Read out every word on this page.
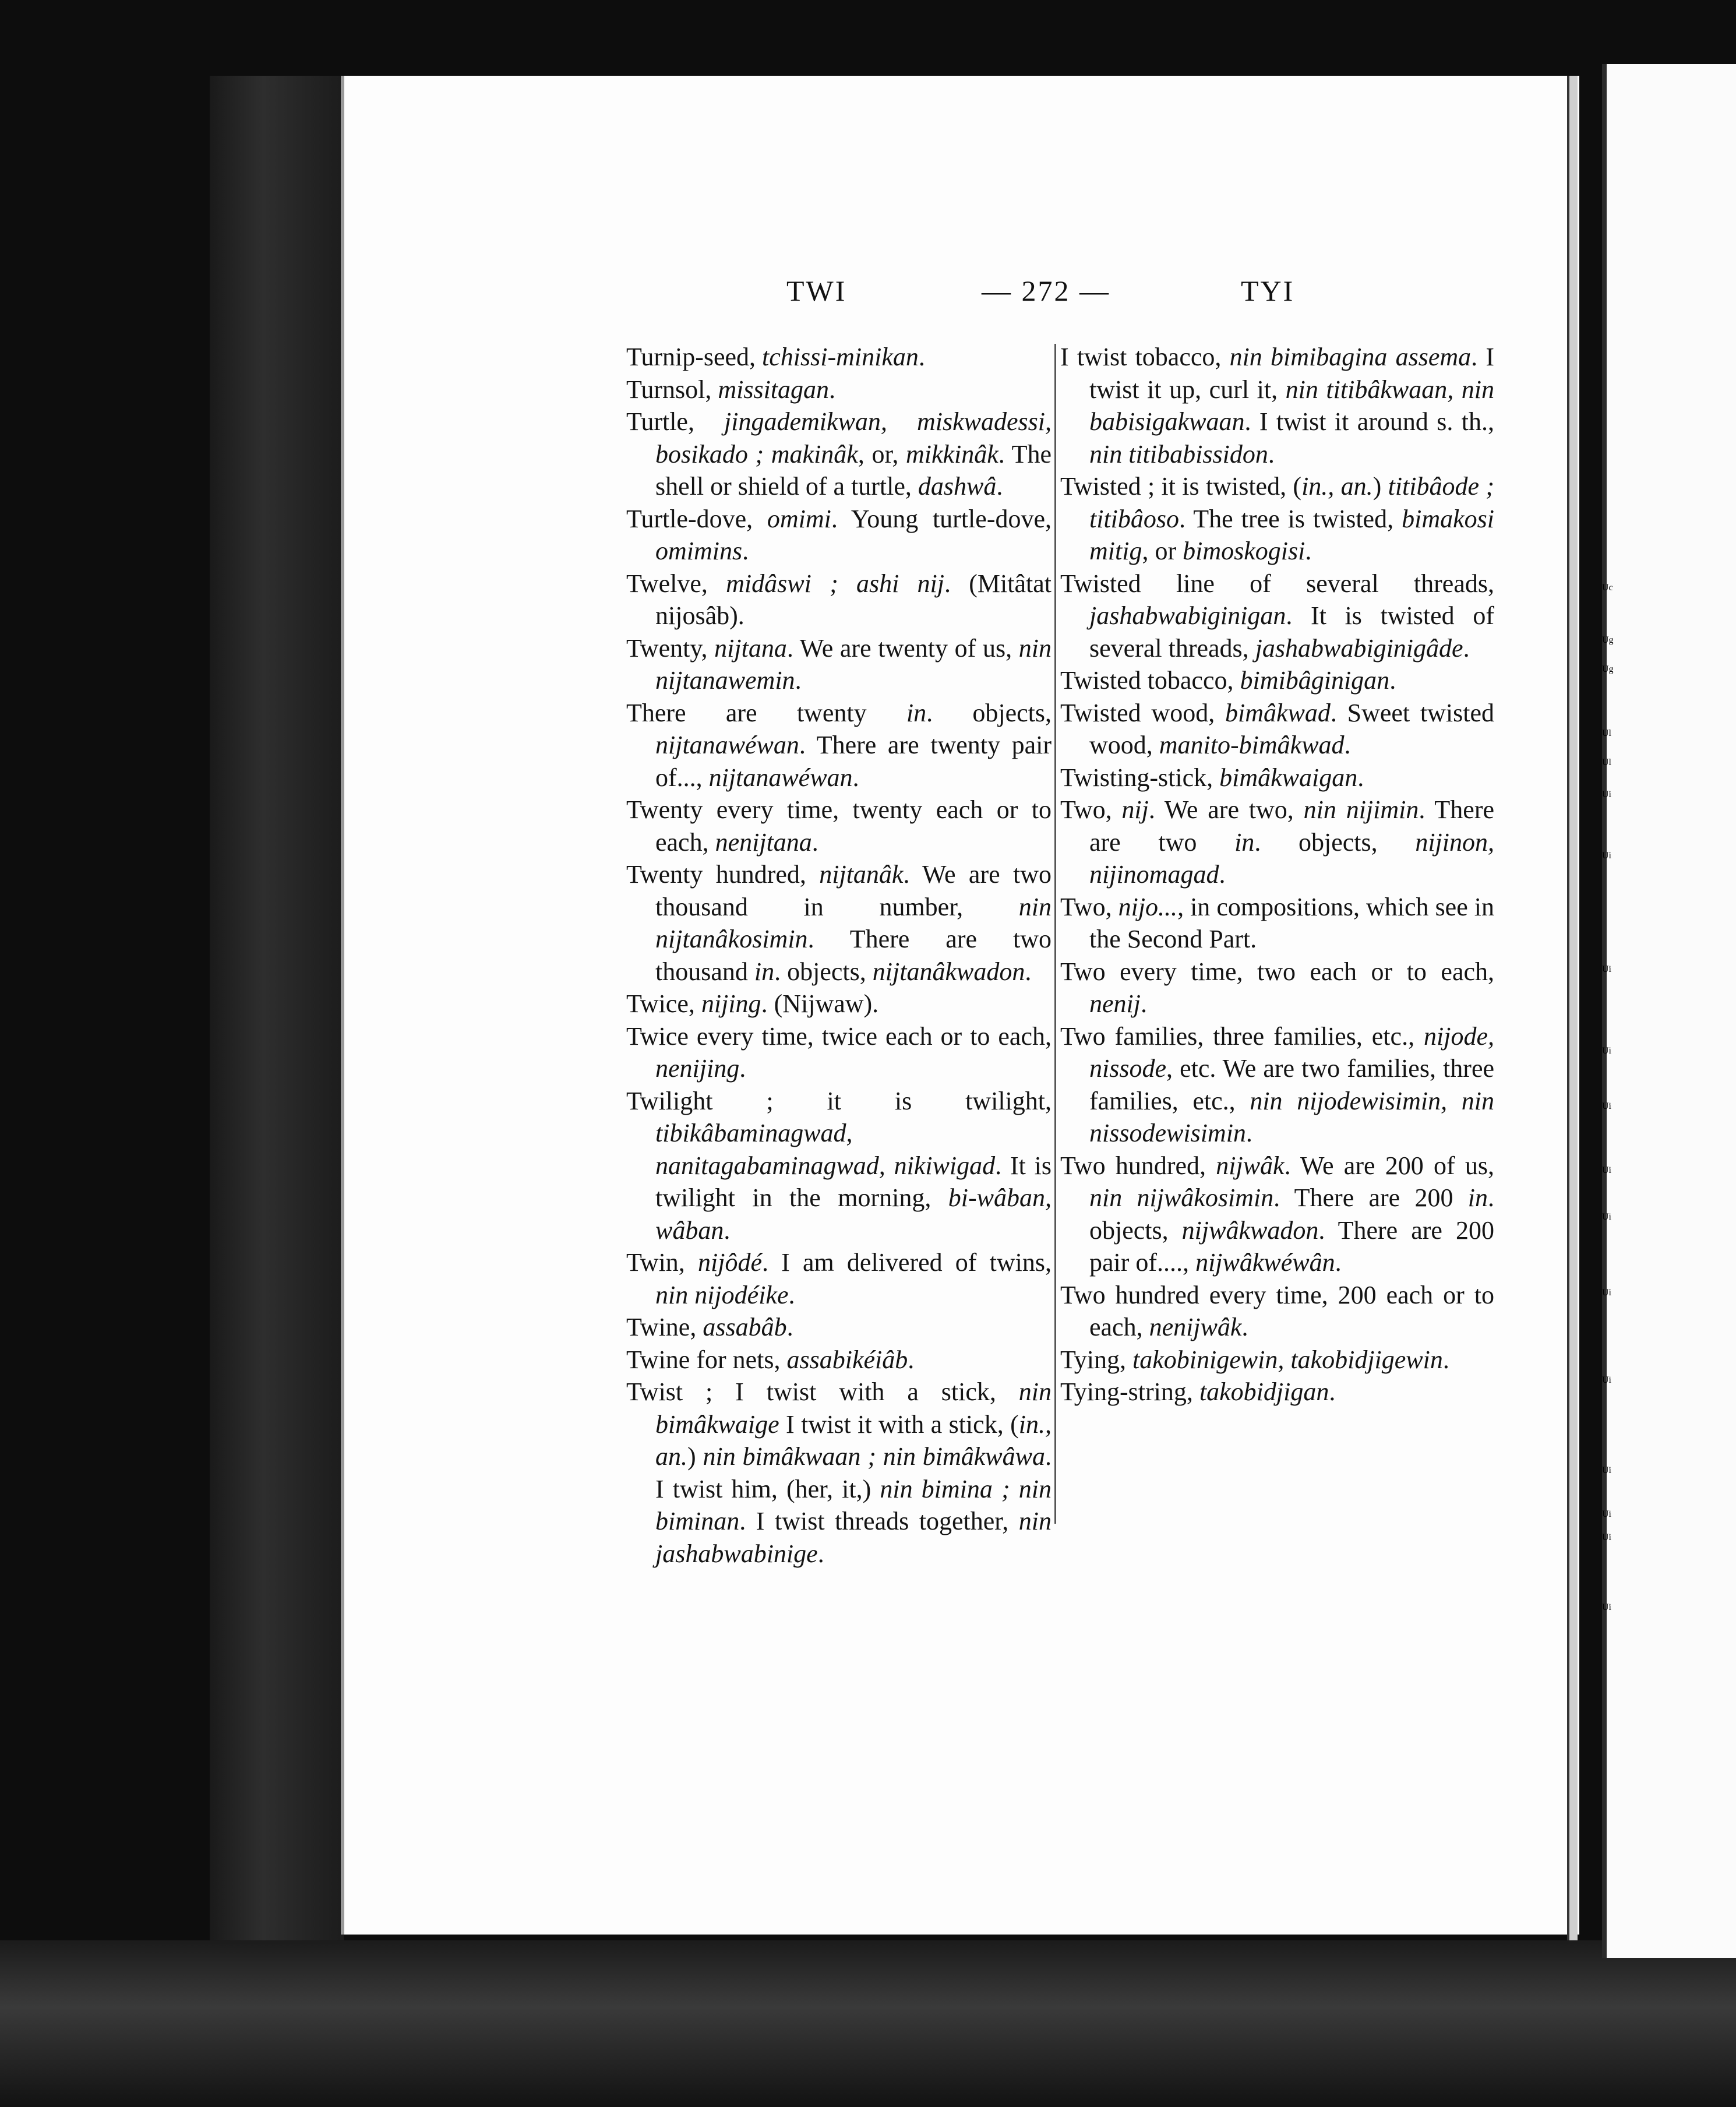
Uc
Ug
Ug
Ul
Ul
Ui
Ui
Ui
Ui
Ui
Ui
Ui
Ui
Ui
Ui
Ui
Ui
Ui
TWI	— 272 —	TYI

Turnip-seed, tchissi-minikan.

Turnsol, missitagan.

Turtle, jingademikwan, miskwadessi, bosikado ; makinâk, or, mikkinâk. The shell or shield of a turtle, dashwâ.

Turtle-dove, omimi. Young turtle-dove, omimins.

Twelve, midâswi ; ashi nij. (Mitâtat nijosâb).

Twenty, nijtana. We are twenty of us, nin nijtanawemin.

There are twenty in. objects, nijtanawéwan. There are twenty pair of..., nijtanawéwan.

Twenty every time, twenty each or to each, nenijtana.

Twenty hundred, nijtanâk. We are two thousand in number, nin nijtanâkosimin. There are two thousand in. objects, nijtanâkwadon.

Twice, nijing. (Nijwaw).

Twice every time, twice each or to each, nenijing.

Twilight ; it is twilight, tibikâbaminagwad, nanitagabaminagwad, nikiwigad. It is twilight in the morning, bi-wâban, wâban.

Twin, nijôdé. I am delivered of twins, nin nijodéike.

Twine, assabâb.

Twine for nets, assabikéiâb.

Twist ; I twist with a stick, nin bimâkwaige I twist it with a stick, (in., an.) nin bimâkwaan ; nin bimâkwâwa. I twist him, (her, it,) nin bimina ; nin biminan. I twist threads together, nin jashabwabinige.

I twist tobacco, nin bimibagina assema. I twist it up, curl it, nin titibâkwaan, nin babisigakwaan. I twist it around s. th., nin titibabissidon.

Twisted ; it is twisted, (in., an.) titibâode ; titibâoso. The tree is twisted, bimakosi mitig, or bimoskogisi.

Twisted line of several threads, jashabwabiginigan. It is twisted of several threads, jashabwabiginigâde.

Twisted tobacco, bimibâginigan.

Twisted wood, bimâkwad. Sweet twisted wood, manito-bimâkwad.

Twisting-stick, bimâkwaigan.

Two, nij. We are two, nin nijimin. There are two in. objects, nijinon, nijinomagad.

Two, nijo..., in compositions, which see in the Second Part.

Two every time, two each or to each, nenij.

Two families, three families, etc., nijode, nissode, etc. We are two families, three families, etc., nin nijodewisimin, nin nissodewisimin.

Two hundred, nijwâk. We are 200 of us, nin nijwâkosimin. There are 200 in. objects, nijwâkwadon. There are 200 pair of...., nijwâkwéwân.

Two hundred every time, 200 each or to each, nenijwâk.

Tying, takobinigewin, takobidjigewin.

Tying-string, takobidjigan.
